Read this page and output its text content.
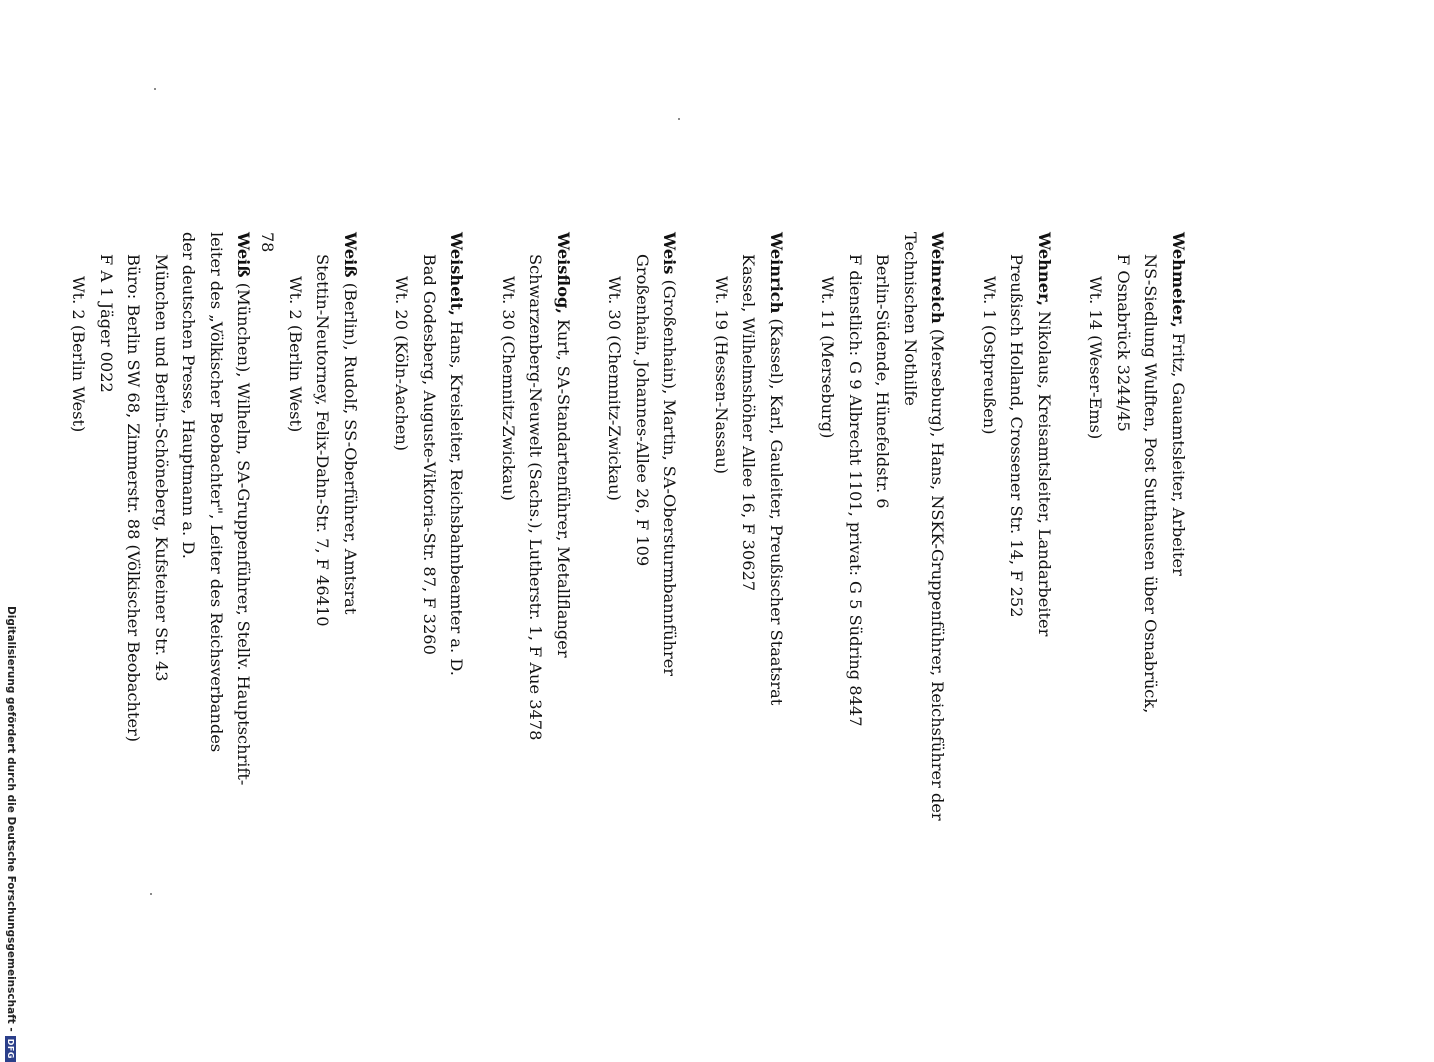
Wehmeier, Fritz, Gauamtsleiter, Arbeiter
NS-Siedlung Wulften, Post Sutthausen über Osnabrück,
F Osnabrück 3244/45
Wt. 14 (Weser-Ems)
Wehner, Nikolaus, Kreisamtsleiter, Landarbeiter
Preußisch Holland, Crossener Str. 14, F 252
Wt. 1 (Ostpreußen)
Weinreich (Merseburg), Hans, NSKK-Gruppenführer, Reichsführer der
Technischen Nothilfe
Berlin-Südende, Hünefeldstr. 6
F dienstlich: G 9 Albrecht 1101, privat: G 5 Südring 8447
Wt. 11 (Merseburg)
Weinrich (Kassel), Karl, Gauleiter, Preußischer Staatsrat
Kassel, Wilhelmshöher Allee 16, F 30627
Wt. 19 (Hessen-Nassau)
Weis (Großenhain), Martin, SA-Obersturmbannführer
Großenhain, Johannes-Allee 26, F 109
Wt. 30 (Chemnitz-Zwickau)
Weisflog, Kurt, SA-Standartenführer, Metallflanger
Schwarzenberg-Neuwelt (Sachs.), Lutherstr. 1, F Aue 3478
Wt. 30 (Chemnitz-Zwickau)
Weisheit, Hans, Kreisleiter, Reichsbahnbeamter a. D.
Bad Godesberg, Auguste-Viktoria-Str. 87, F 3260
Wt. 20 (Köln-Aachen)
Weiß (Berlin), Rudolf, SS-Oberführer, Amtsrat
Stettin-Neutorney, Felix-Dahn-Str. 7, F 46410
Wt. 2 (Berlin West)
Weiß (München), Wilhelm, SA-Gruppenführer, Stellv. Hauptschrift-
leiter des „Völkischer Beobachter", Leiter des Reichsverbandes
der deutschen Presse, Hauptmann a. D.
München und Berlin-Schöneberg, Kufsteiner Str. 43
Büro: Berlin SW 68, Zimmerstr. 88 (Völkischer Beobachter)
F A 1 Jäger 0022
Wt. 2 (Berlin West)
78
Digitalisierung gefördert durch die Deutsche Forschungsgemeinschaft -DFG
